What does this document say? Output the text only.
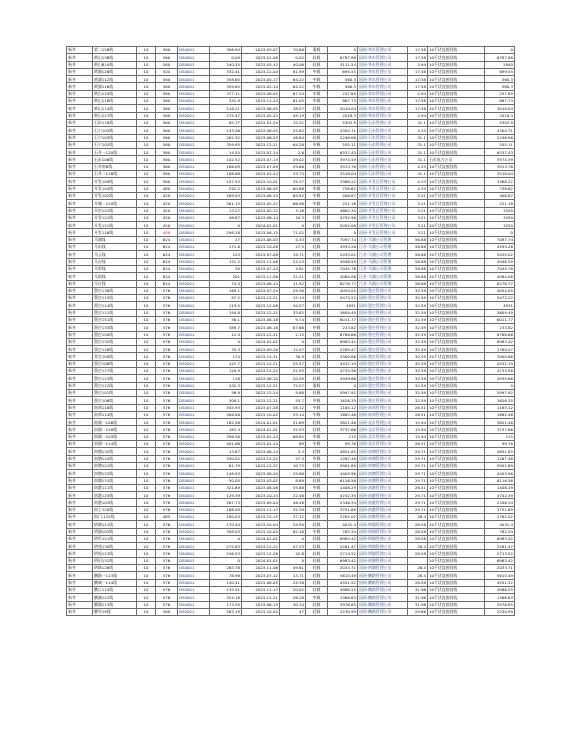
新井	第二12B线	10	560	DS0001	306.94	2023-03-07	70.88	重载	0	国网·华东管理公司	17.58	10千伏直接回线	0
新井	黄山13B线	10	560	DS0001	0.09	2023-01-06	0.02	轻载	6787.88	国网·华东管理公司	17.58	10千伏直接回线	6787.88
新井	黄山B10线	10	560	DS0001	240.35	2023-05-12	40.06	轻载	3111.54	国网·华东管理公司	2.94	10千伏直接回线	2940
新井	黄湖126线	10	504	DS0001	332.41	2023-12-04	61.99	中载	699.55	国网·华东管理公司	17.58	10千伏直接回线	699.55
新井	黄湖112线	10	560	DS0001	358.65	2023-05-17	64.22	中载	560.3	国网·华东管理公司	17.58	10千伏直接回线	560.3
新井	黄湖116线	10	560	DS0001	359.65	2023-02-10	64.22	中载	560.3	国网·华东管理公司	17.58	10千伏直接回线	560.3
新井	黄山119线	10	560	DS0001	377.11	2023-08-05	67.34	中载	257.89	国网·华东管理公司	2.94	10千伏直接回线	257.89
新井	黄山118线	10	560	DS0001	341.9	2023-11-24	61.05	中载	867.73	国网·华东管理公司	17.58	10千伏直接回线	867.73
新井	黄山114线	10	560	DS0001	218.21	2023-08-05	38.97	轻载	3010.04	国网·华东管理公司	17.58	10千伏直接回线	3010.04
新井	黄山117线	10	560	DS0001	275.47	2023-05-22	49.19	轻载	2018.3	国网·华东管理公司	2.94	10千伏直接回线	2018.3
新井	石东11B线	10	560	DS0001	85.77	2023-01-24	15.32	轻载	5303.9	国网·石东管理公司	31.1	10千伏直接回线	5303.9
新井	石宁103线	10	560	DS0001	143.46	2023-08-05	25.62	轻载	4304.71	国网·石东管理公司	4.33	10千伏直接回线	4304.71
新井	石宁105线	10	560	DS0001	262.32	2023-06-25	46.84	轻载	2246.06	国网·石东管理公司	31.1	10千伏直接回线	2246.06
新井	石宁102线	10	560	DS0001	359.95	2023-12-21	64.28	中载	555.11	国网·石东管理公司	31.1	10千伏直接回线	555.11
新井	石井一120线	10	560	DS0001	14.55	2023-07-14	2.6	轻载	6537.43	国网·石东管理公司	31.1	10千伏直接回线	6537.43
新井	石东106线	10	560	DS0001	102.52	2023-07-13	29.02	轻载	3974.59	国网·石东管理公司	31.1	石东电力公司	3974.59
新井	石井南B线	10	560	DS0001	166.09	2023-07-09	29.66	轻载	3913.76	国网·石东管理公司	4.33	10千伏直接回线	3913.76
新井	石井二11B线	10	560	DS0001	188.88	2023-01-24	33.73	轻载	3518.04	国网·石东管理公司	31.1	10千伏直接回线	3518.04
新井	开发109线	10	560	DS0001	197.53	2023-10-01	35.37	轻载	3368.22	国网·开发区管理公司	4.33	10千伏直接回线	3368.22
新井	开发104线	10	480	DS0001	292.2	2023-08-05	60.88	中载	758.62	国网·开发区管理公司	4.33	10千伏直接回线	758.62
新井	开发102线	10	420	DS0001	289.93	2023-06-15	64.92	中载	406.67	国网·开发区管理公司	3.21	10千伏直接回线	406.67
新井	开城一120线	10	420	DS0001	261.15	2023-02-22	66.96	中载	221.18	国网·开发区管理公司	3.21	10千伏直接回线	221.18
新井	开封122线	10	420	DS0001	13.27	2023-02-12	3.16	轻载	4862.34	国网·开发区管理公司	3.21	10千伏直接回线	3250
新井	开发121线	10	420	DS0001	46.67	2023-06-14	10.3	轻载	4792.96	国网·开发区管理公司	3.21	10千伏直接回线	3250
新井	开发111线	10	420	DS0001	0	2024-01-01	0	轻载	5092.08	国网·开发区管理公司	3.21	10千伏直接回线	3250
新井	开发116线	10	400	DS0001	298.28	2023-06-15	71.02	重载	0	国网·开发区管理公司	3.21	10千伏直接回线	0
新井	马湖线	10	624	DS0001	27	2023-08-03	4.33	轻载	7097.74	江苏·马湖公司管理	56.88	10千伏直接回线	7097.74
新井	马东线	10	624	DS0001	171.6	2023-10-08	27.5	轻载	4593.26	江苏·马湖公司管理	56.88	10千伏直接回线	4593.26
新井	马云线	10	624	DS0001	123	2023-07-08	19.71	轻载	5435.02	江苏·马湖公司管理	56.88	10千伏直接回线	5435.02
新井	马台线	10	624	DS0001	151.2	2023-11-06	24.23	轻载	4946.59	江苏·马湖公司管理	56.88	10千伏直接回线	4946.59
新井	马荣线	10	624	DS0001	30	2023-07-24	4.81	轻载	7045.78	江苏·马湖公司管理	56.88	10千伏直接回线	7045.78
新井	马瑶线	10	624	DS0001	201	2023-11-06	32.21	轻载	4084.06	江苏·马湖公司管理	56.88	10千伏直接回线	4084.06
新井	马庄线	10	624	DS0001	74.4	2023-06-14	11.92	轻载	6276.77	江苏·马湖公司管理	56.88	10千伏直接回线	6276.77
新井	墨庄138线	10	576	DS0001	169.1	2023-07-24	29.36	轻载	4054.05	国网·墨庄管理公司	32.59	10千伏直接回线	4054.05
新井	墨庄115线	10	576	DS0001	87.2	2023-12-21	15.14	轻载	5473.22	国网·墨庄管理公司	32.59	10千伏直接回线	5473.22
新井	墨庄114线	10	576	DS0001	119.5	2023-12-08	20.57	轻载	4931	国网·墨庄管理公司	32.59	10千伏直接回线	4931
新井	墨庄111线	10	576	DS0001	194.8	2023-12-21	33.82	轻载	3609.49	国网·墨庄管理公司	32.59	10千伏直接回线	3609.49
新井	墨庄151线	10	576	DS0001	56.1	2023-08-18	9.74	轻载	6011.77	国网·墨庄管理公司	32.59	10千伏直接回线	6011.77
新井	墨庄135线	10	576	DS0001	389.7	2023-06-16	67.66	中载	233.82	国网·墨庄管理公司	32.59	10千伏直接回线	233.82
新井	墨庄150线	10	576	DS0001	12.4	2023-12-21	2.15	轻载	6768.66	国网·墨庄管理公司	32.59	10千伏直接回线	6768.66
新井	墨庄132线	10	576	DS0001	0	2024-01-01	0	轻载	6983.42	国网·墨庄管理公司	32.59	10千伏直接回线	6983.42
新井	墨庄118线	10	276	DS0001	33.3	2023-09-26	12.07	轻载	2769.47	国网·墨庄管理公司	32.59	10千伏直接回线	2769.47
新井	青庄109线	10	576	DS0001	174	2023-12-31	30.9	轻载	3900.66	国网·墨庄管理公司	32.59	10千伏直接回线	3900.66
新井	墨庄108线	10	576	DS0001	147.7	2023-12-21	25.57	轻载	4432.19	国网·墨庄管理公司	32.59	10千伏直接回线	4432.19
新井	墨庄117线	10	576	DS0001	129.9	2023-12-22	22.55	轻载	4733.56	国网·墨庄管理公司	32.59	10千伏直接回线	4733.56
新井	墨庄113线	10	576	DS0001	118	2023-08-10	20.49	轻载	4939.66	国网·墨庄管理公司	32.59	10千伏直接回线	4939.66
新井	墨庄112线	10	576	DS0001	435.3	2023-12-21	75.57	重载	0	国网·墨庄管理公司	32.59	10千伏直接回线	0
新井	墨庄101线	10	576	DS0001	56.9	2023-12-24	9.88	轻载	5997.92	国网·墨庄管理公司	32.59	10千伏直接回线	5997.92
新井	墨庄106线	10	576	DS0001	309.1	2023-12-21	53.7	中载	1626.35	国网·墨庄管理公司	32.59	10千伏直接回线	1626.35
新井	南邦116线	10	576	DS0001	345.93	2023-07-28	58.12	中载	1165.12	国网·南邦管理公司	26.51	10千伏直接回线	1165.12
新井	南邦114线	10	576	DS0001	306.06	2023-10-02	53.14	中载	1682.46	国网·南邦管理公司	26.51	10千伏直接回线	1682.46
新井	南湖一106线	10	576	DS0001	182.56	2024-01-01	31.69	轻载	3821.48	国网·北京管理公司	15.94	10千伏直接回线	3821.48
新井	南湖一128线	10	576	DS0001	187.4	2024-01-01	32.53	轻载	3737.66	国网·北京管理公司	15.94	10千伏直接回线	3737.66
新井	南湖一103线	10	576	DS0001	396.56	2023-01-24	68.85	中载	115	国网·北京管理公司	15.94	10千伏直接回线	115
新井	南湖一114线	10	576	DS0001	401.86	2023-01-24	69	中载	99.76	国网·北京管理公司	26.51	10千伏直接回线	99.76
新井	南塘132线	10	576	DS0001	13.87	2023-06-14	3.3	轻载	4851.85	国网·南塘管理公司	29.71	10千伏直接回线	4851.85
新井	南塘110线	10	576	DS0001	330.02	2023-12-22	57.3	中载	1267.48	国网·南塘管理公司	29.71	10千伏直接回线	1267.48
新井	南塘121线	10	576	DS0001	61.79	2023-12-22	10.73	轻载	5901.89	国网·南塘管理公司	29.71	10千伏直接回线	5901.89
新井	南塘125线	10	576	DS0001	148.93	2023-08-20	25.86	轻载	4403.96	国网·南塘管理公司	29.71	10千伏直接回线	4403.96
新井	南塘131线	10	576	DS0001	50.05	2023-03-02	8.69	轻载	6116.56	国网·南塘管理公司	29.71	10千伏直接回线	6116.56
新井	南港111线	10	576	DS0001	321.89	2023-08-08	55.88	中载	1408.29	国网·南港管理公司	26.51	10千伏直接回线	1408.29
新井	南港125线	10	576	DS0001	129.39	2023-10-14	22.46	轻载	4742.39	国网·南港管理公司	29.71	10千伏直接回线	4742.39
新井	南港103线	10	576	DS0001	267.73	2023-09-04	46.48	轻载	2346.34	国网·南港管理公司	29.71	10千伏直接回线	2346.34
新井	南上120线	10	576	DS0001	186.59	2023-11-13	32.39	轻载	3751.69	国网·南港管理公司	29.71	10千伏直接回线	3751.69
新井	南门-132线	10	485	DS0001	180.03	2023-12-15	37.12	轻载	2762.02	国网·南港管理公司	26.4	10千伏直接回线	2762.02
新井	明湖111线	10	576	DS0001	170.44	2023-10-04	29.59	轻载	4031.4	国网·明湖管理公司	28.58	10千伏直接回线	4031.4
新井	明湖103线	10	576	DS0001	358.03	2023-10-05	62.16	中载	782.34	国网·明湖管理公司	28.58	10千伏直接回线	782.34
新井	明军121线	10	576	DS0001	0	2024-01-01	0	轻载	6983.42	国网·明湖管理公司	28.58	10千伏直接回线	6983.42
新井	明苑130线	10	576	DS0001	272.63	2023-12-22	47.33	轻载	2261.47	国网·明湖管理公司	26.4	10千伏直接回线	2261.47
新井	明苑113线	10	576	DS0001	246.53	2023-12-26	42.8	轻载	2713.52	国网·明湖管理公司	28.58	10千伏直接回线	2713.52
新井	明田131线	10	576	DS0001	0	2024-01-01	0	轻载	6983.42	国网·明湖管理公司		10千伏直接回线	6983.42
新井	明珠126线	10	576	DS0001	285.78	2023-11-06	49.61	轻载	2033.71	国网·明湖管理公司	26.4	10千伏直接回线	2033.71
新井	鹏路一113线	10	576	DS0001	78.98	2023-07-12	13.71	轻载	5615.49	国网·鹏路管理公司	26.4	10千伏直接回线	5615.49
新井	鹏城一114线	10	576	DS0001	140.41	2023-08-05	24.38	轻载	4551.52	国网·鹏路管理公司	28.58	10千伏直接回线	4551.52
新井	鹏丘114线	10	576	DS0001	135.91	2023-11-13	20.02	轻载	4986.25	国网·鹏路管理公司	31.96	10千伏直接回线	4986.25
新井	鹏湖112线	10	576	DS0001	324.18	2023-12-21	56.28	中载	1368.63	国网·鹏路管理公司	31.96	10千伏直接回线	1368.63
新井	鹏湖113线	10	576	DS0001	173.59	2023-08-19	30.14	轻载	3976.85	国网·鹏路管理公司	31.96	10千伏直接回线	3976.85
新井	鹏岑19线	10	560	DS0001	263.19	2023-10-02	47	轻载	2230.99	国网·鹏路管理公司	29.66	10千伏直接回线	2230.99
